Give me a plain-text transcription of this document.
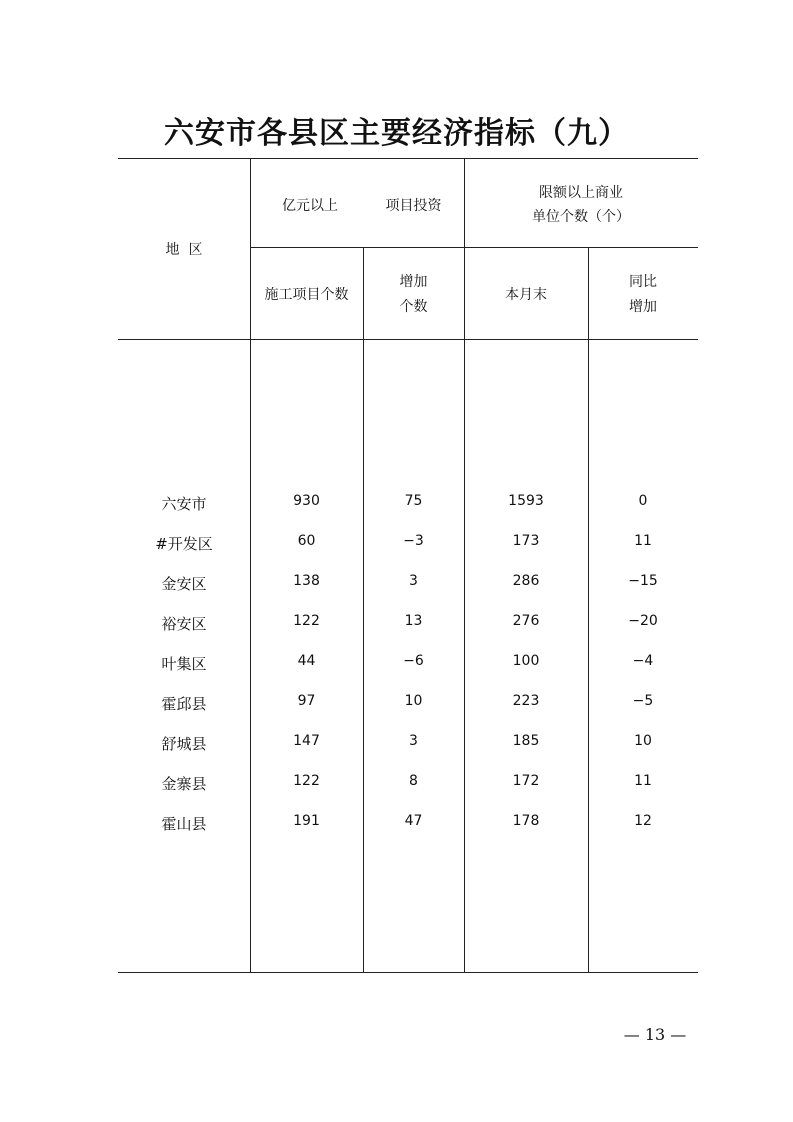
六安市各县区主要经济指标（九）
地  区
亿元以上	项目投资
限额以上商业
单位个数（个）
施工项目个数
增加
个数
本月末
同比
增加
六安市	930	75	1593	0
#开发区	60	−3	173	11
金安区	138	3	286	−15
裕安区	122	13	276	−20
叶集区	44	−6	100	−4
霍邱县	97	10	223	−5
舒城县	147	3	185	10
金寨县	122	8	172	11
霍山县	191	47	178	12
— 13 —
